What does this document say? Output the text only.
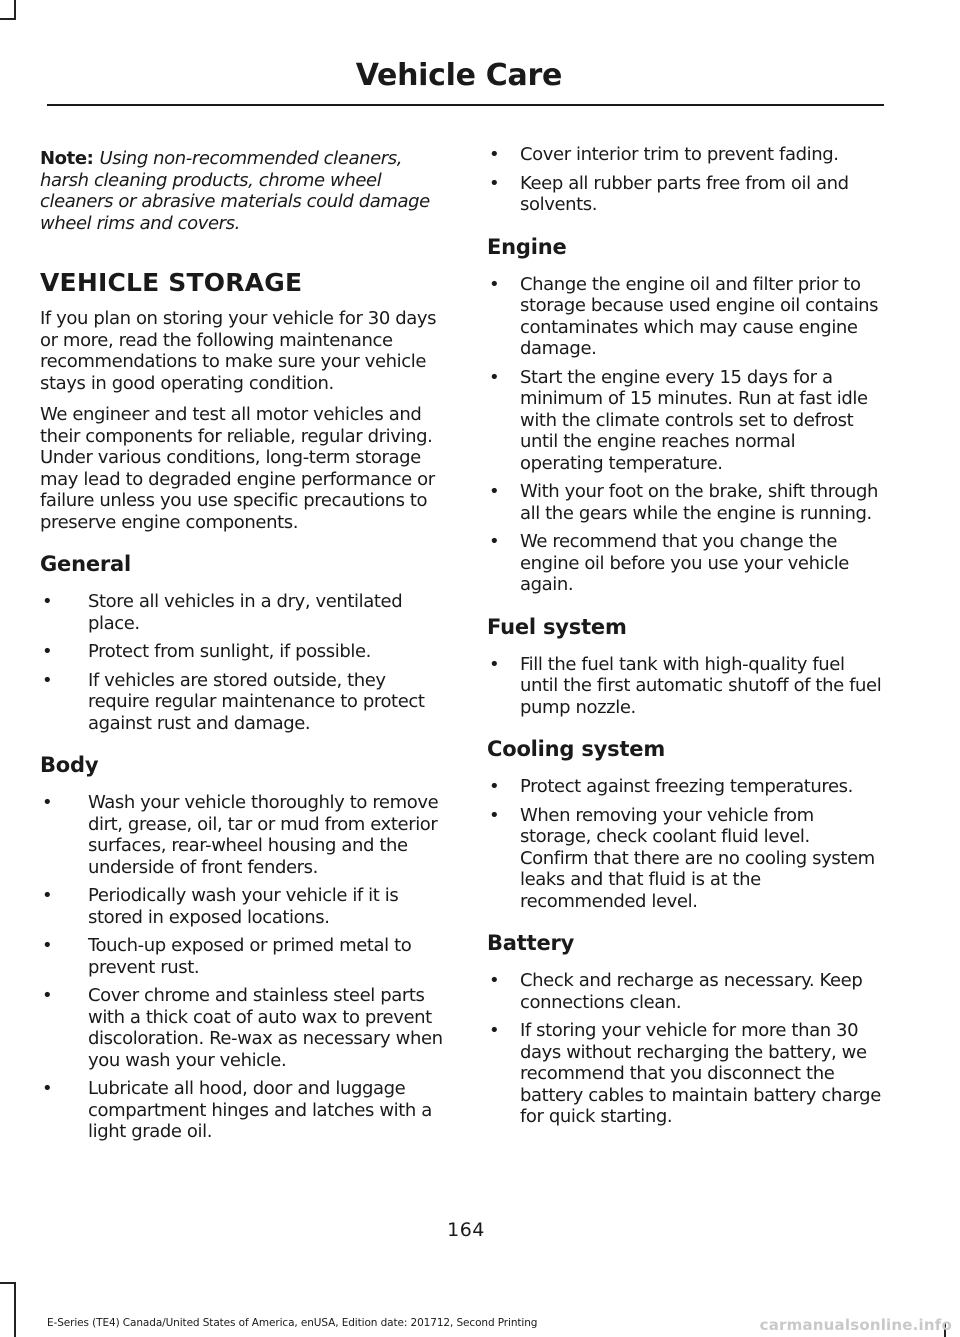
Vehicle Care

Note: Using non-recommended cleaners, harsh cleaning products, chrome wheel cleaners or abrasive materials could damage wheel rims and covers.

VEHICLE STORAGE

If you plan on storing your vehicle for 30 days or more, read the following maintenance recommendations to make sure your vehicle stays in good operating condition.

We engineer and test all motor vehicles and their components for reliable, regular driving. Under various conditions, long-term storage may lead to degraded engine performance or failure unless you use specific precautions to preserve engine components.

General
• Store all vehicles in a dry, ventilated place.
• Protect from sunlight, if possible.
• If vehicles are stored outside, they require regular maintenance to protect against rust and damage.
Body
• Wash your vehicle thoroughly to remove dirt, grease, oil, tar or mud from exterior surfaces, rear-wheel housing and the underside of front fenders.
• Periodically wash your vehicle if it is stored in exposed locations.
• Touch-up exposed or primed metal to prevent rust.
• Cover chrome and stainless steel parts with a thick coat of auto wax to prevent discoloration. Re-wax as necessary when you wash your vehicle.
• Lubricate all hood, door and luggage compartment hinges and latches with a light grade oil.
• Cover interior trim to prevent fading.
• Keep all rubber parts free from oil and solvents.
Engine
• Change the engine oil and filter prior to storage because used engine oil contains contaminates which may cause engine damage.
• Start the engine every 15 days for a minimum of 15 minutes. Run at fast idle with the climate controls set to defrost until the engine reaches normal operating temperature.
• With your foot on the brake, shift through all the gears while the engine is running.
• We recommend that you change the engine oil before you use your vehicle again.
Fuel system
• Fill the fuel tank with high-quality fuel until the first automatic shutoff of the fuel pump nozzle.
Cooling system
• Protect against freezing temperatures.
• When removing your vehicle from storage, check coolant fluid level. Confirm that there are no cooling system leaks and that fluid is at the recommended level.
Battery
• Check and recharge as necessary. Keep connections clean.
• If storing your vehicle for more than 30 days without recharging the battery, we recommend that you disconnect the battery cables to maintain battery charge for quick starting.
164
E-Series (TE4) Canada/United States of America, enUSA, Edition date: 201712, Second Printing	carmanualsonline.info
